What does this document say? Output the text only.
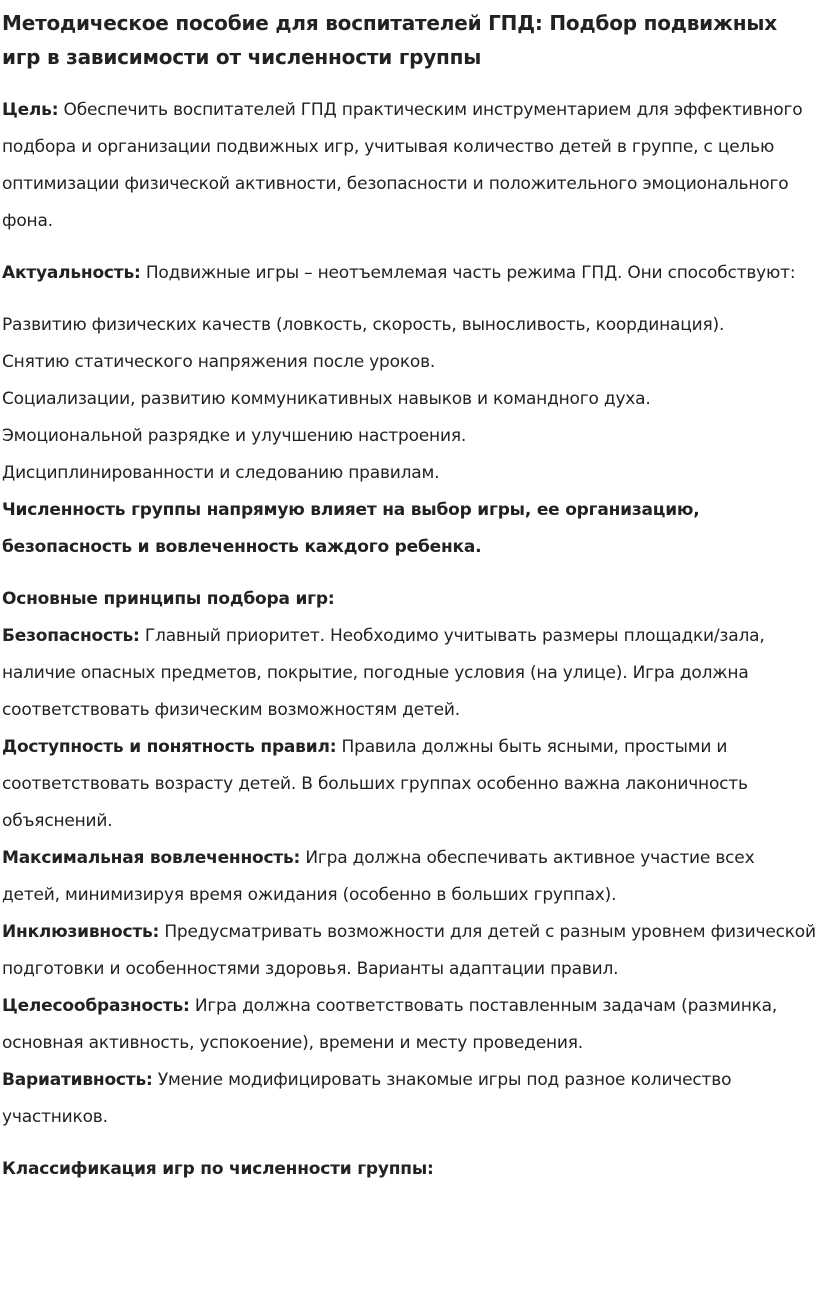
Методическое пособие для воспитателей ГПД: Подбор подвижных игр в зависимости от численности группы

Цель: Обеспечить воспитателей ГПД практическим инструментарием для эффективного подбора и организации подвижных игр, учитывая количество детей в группе, с целью оптимизации физической активности, безопасности и положительного эмоционального фона.

Актуальность: Подвижные игры – неотъемлемая часть режима ГПД. Они способствуют:

Развитию физических качеств (ловкость, скорость, выносливость, координация).

Снятию статического напряжения после уроков.

Социализации, развитию коммуникативных навыков и командного духа.

Эмоциональной разрядке и улучшению настроения.

Дисциплинированности и следованию правилам.

Численность группы напрямую влияет на выбор игры, ее организацию, безопасность и вовлеченность каждого ребенка.

Основные принципы подбора игр:

Безопасность: Главный приоритет. Необходимо учитывать размеры площадки/зала, наличие опасных предметов, покрытие, погодные условия (на улице). Игра должна соответствовать физическим возможностям детей.

Доступность и понятность правил: Правила должны быть ясными, простыми и соответствовать возрасту детей. В больших группах особенно важна лаконичность объяснений.

Максимальная вовлеченность: Игра должна обеспечивать активное участие всех детей, минимизируя время ожидания (особенно в больших группах).

Инклюзивность: Предусматривать возможности для детей с разным уровнем физической подготовки и особенностями здоровья. Варианты адаптации правил.

Целесообразность: Игра должна соответствовать поставленным задачам (разминка, основная активность, успокоение), времени и месту проведения.

Вариативность: Умение модифицировать знакомые игры под разное количество участников.

Классификация игр по численности группы:
